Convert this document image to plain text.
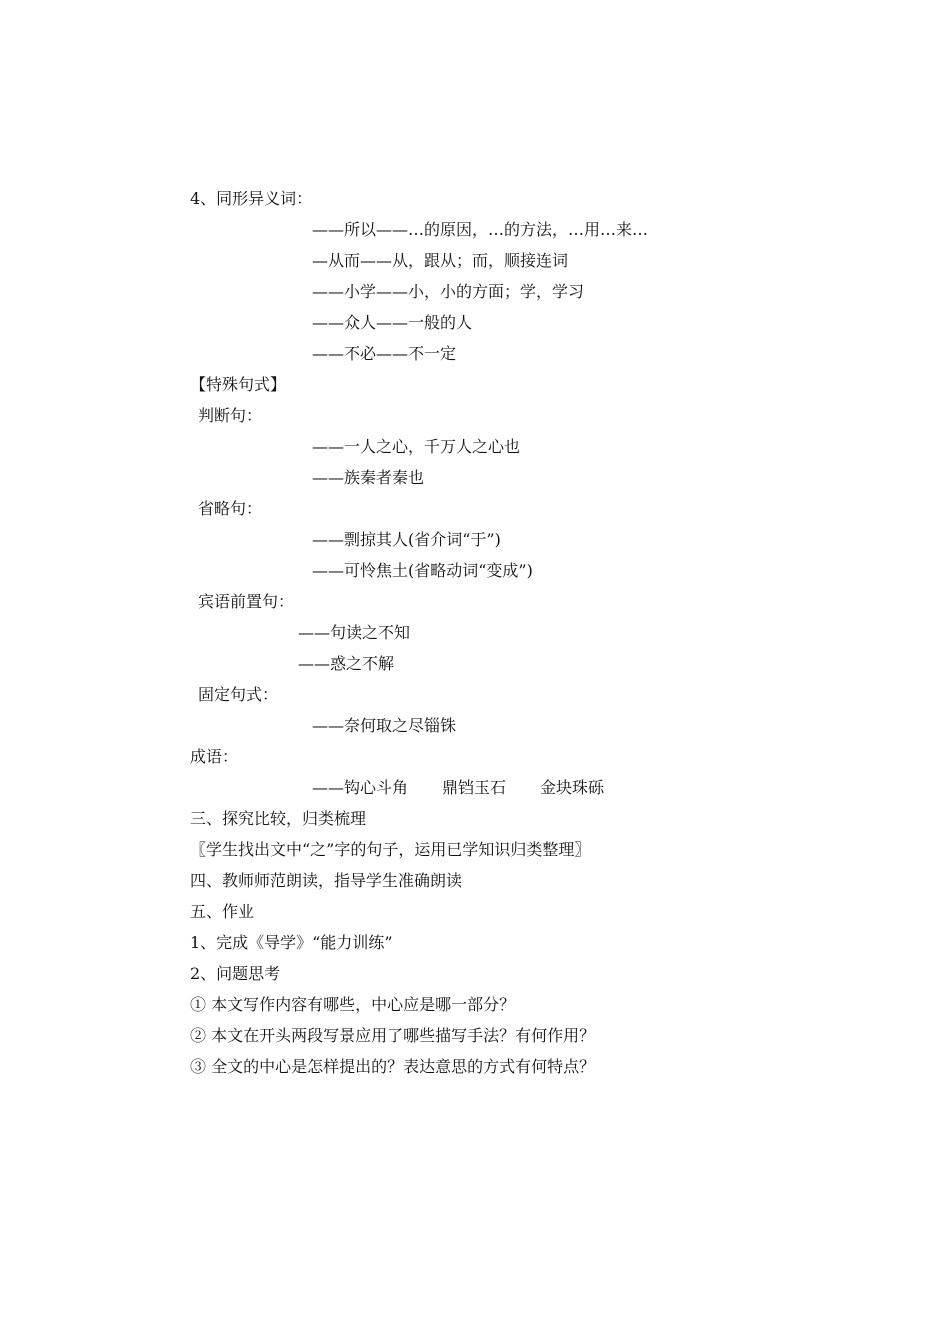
4、同形异义词：
——所以——…的原因，…的方法，…用…来…
—从而——从，跟从；而，顺接连词
——小学——小，小的方面；学，学习
——众人——一般的人
——不必——不一定
【特殊句式】
判断句：
——一人之心，千万人之心也
——族秦者秦也
省略句：
——剽掠其人(省介词“于”)
——可怜焦土(省略动词“变成”)
宾语前置句：
——句读之不知
——惑之不解
固定句式：
——奈何取之尽锱铢
成语：
——钩心斗角 鼎铛玉石 金块珠砾
三、探究比较，归类梳理
〖学生找出文中“之”字的句子，运用已学知识归类整理〗
四、教师师范朗读，指导学生准确朗读
五、作业
1、完成《导学》“能力训练”
2、问题思考
① 本文写作内容有哪些，中心应是哪一部分？
② 本文在开头两段写景应用了哪些描写手法？有何作用？
③ 全文的中心是怎样提出的？表达意思的方式有何特点？
